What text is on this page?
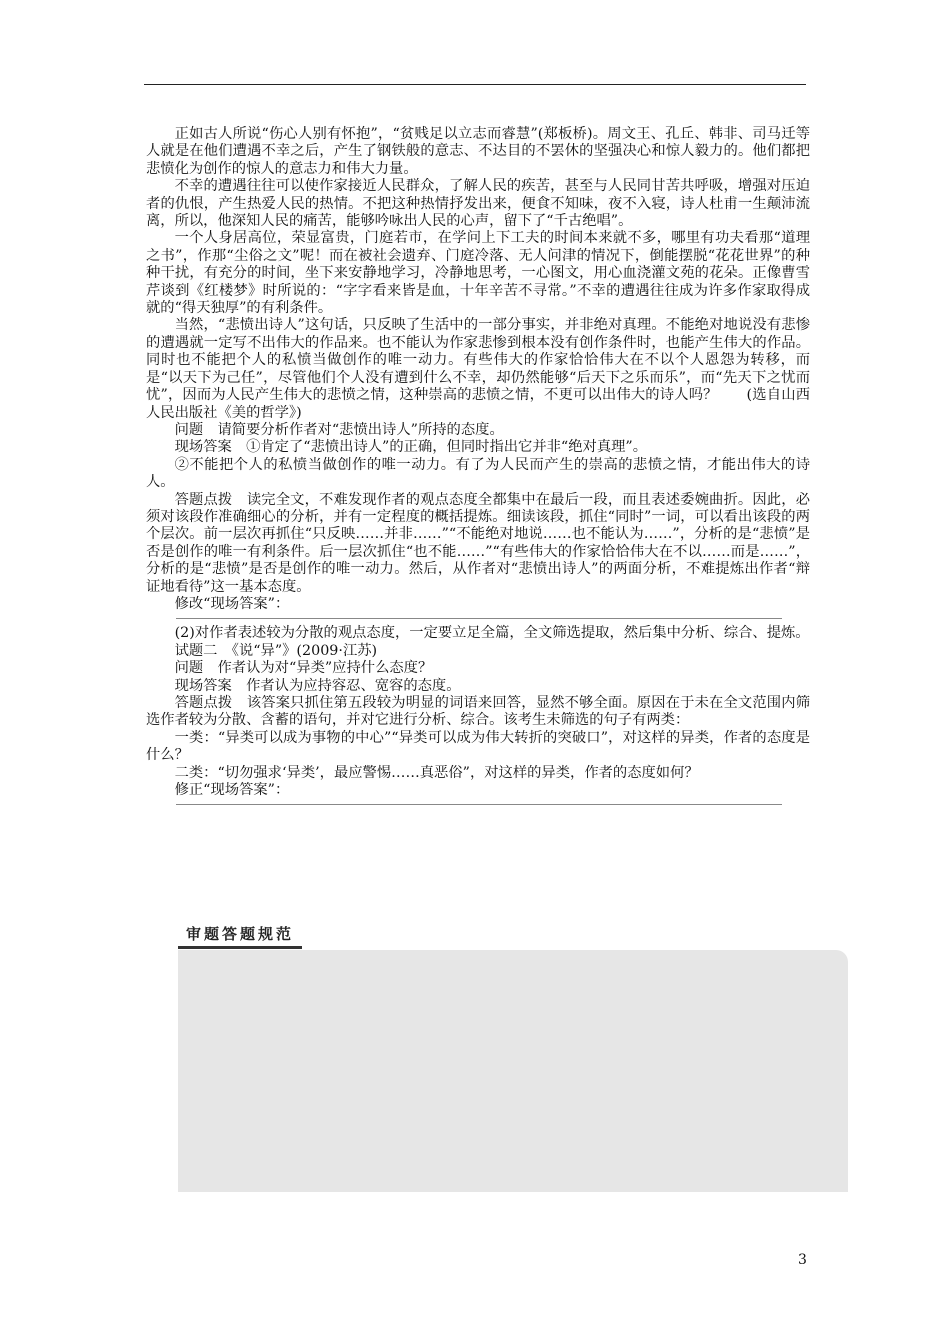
正如古人所说“伤心人别有怀抱”，“贫贱足以立志而睿慧”(郑板桥)。周文王、孔丘、韩非、司马迁等人就是在他们遭遇不幸之后，产生了钢铁般的意志、不达目的不罢休的坚强决心和惊人毅力的。他们都把悲愤化为创作的惊人的意志力和伟大力量。

不幸的遭遇往往可以使作家接近人民群众，了解人民的疾苦，甚至与人民同甘苦共呼吸，增强对压迫者的仇恨，产生热爱人民的热情。不把这种热情抒发出来，便食不知味，夜不入寝，诗人杜甫一生颠沛流离，所以，他深知人民的痛苦，能够吟咏出人民的心声，留下了“千古绝唱”。

一个人身居高位，荣显富贵，门庭若市，在学问上下工夫的时间本来就不多，哪里有功夫看那“道理之书”，作那“尘俗之文”呢！而在被社会遗弃、门庭冷落、无人问津的情况下，倒能摆脱“花花世界”的种种干扰，有充分的时间，坐下来安静地学习，冷静地思考，一心图文，用心血浇灌文苑的花朵。正像曹雪芹谈到《红楼梦》时所说的：“字字看来皆是血，十年辛苦不寻常。”不幸的遭遇往往成为许多作家取得成就的“得天独厚”的有利条件。

当然，“悲愤出诗人”这句话，只反映了生活中的一部分事实，并非绝对真理。不能绝对地说没有悲惨的遭遇就一定写不出伟大的作品来。也不能认为作家悲惨到根本没有创作条件时，也能产生伟大的作品。同时也不能把个人的私愤当做创作的唯一动力。有些伟大的作家恰恰伟大在不以个人恩怨为转移，而是“以天下为己任”，尽管他们个人没有遭到什么不幸，却仍然能够“后天下之乐而乐”，而“先天下之忧而忧”，因而为人民产生伟大的悲愤之情，这种崇高的悲愤之情，不更可以出伟大的诗人吗？　　(选自山西人民出版社《美的哲学》)

问题　请简要分析作者对“悲愤出诗人”所持的态度。

现场答案　①肯定了“悲愤出诗人”的正确，但同时指出它并非“绝对真理”。

②不能把个人的私愤当做创作的唯一动力。有了为人民而产生的崇高的悲愤之情，才能出伟大的诗人。

答题点拨　读完全文，不难发现作者的观点态度全都集中在最后一段，而且表述委婉曲折。因此，必须对该段作准确细心的分析，并有一定程度的概括提炼。细读该段，抓住“同时”一词，可以看出该段的两个层次。前一层次再抓住“只反映……并非……”“不能绝对地说……也不能认为……”，分析的是“悲愤”是否是创作的唯一有利条件。后一层次抓住“也不能……”“有些伟大的作家恰恰伟大在不以……而是……”，分析的是“悲愤”是否是创作的唯一动力。然后，从作者对“悲愤出诗人”的两面分析，不难提炼出作者“辩证地看待”这一基本态度。

修改“现场答案”：

(2)对作者表述较为分散的观点态度，一定要立足全篇，全文筛选提取，然后集中分析、综合、提炼。

试题二　《说“异”》(2009·江苏)

问题　作者认为对“异类”应持什么态度？

现场答案　作者认为应持容忍、宽容的态度。

答题点拨　该答案只抓住第五段较为明显的词语来回答，显然不够全面。原因在于未在全文范围内筛选作者较为分散、含蓄的语句，并对它进行分析、综合。该考生未筛选的句子有两类：

一类：“异类可以成为事物的中心”“异类可以成为伟大转折的突破口”，对这样的异类，作者的态度是什么？

二类：“切勿强求‘异类’，最应警惕……真恶俗”，对这样的异类，作者的态度如何？

修正“现场答案”：

审题答题规范
3
